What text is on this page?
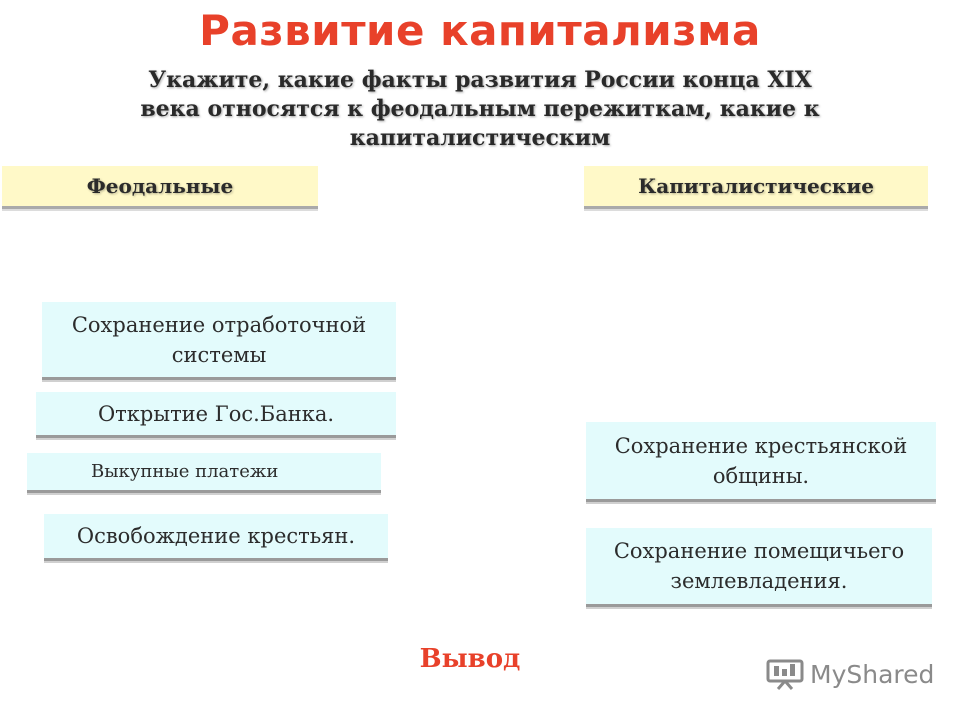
Развитие капитализма
Укажите, какие факты развития России конца XIX века относятся к феодальным пережиткам, какие к капиталистическим
Феодальные	Капиталистические
Сохранение отработочной системы
Открытие Гос.Банка.
Выкупные платежи
Освобождение крестьян.
Сохранение крестьянской общины.
Сохранение помещичьего землевладения.
Вывод	MyShared
